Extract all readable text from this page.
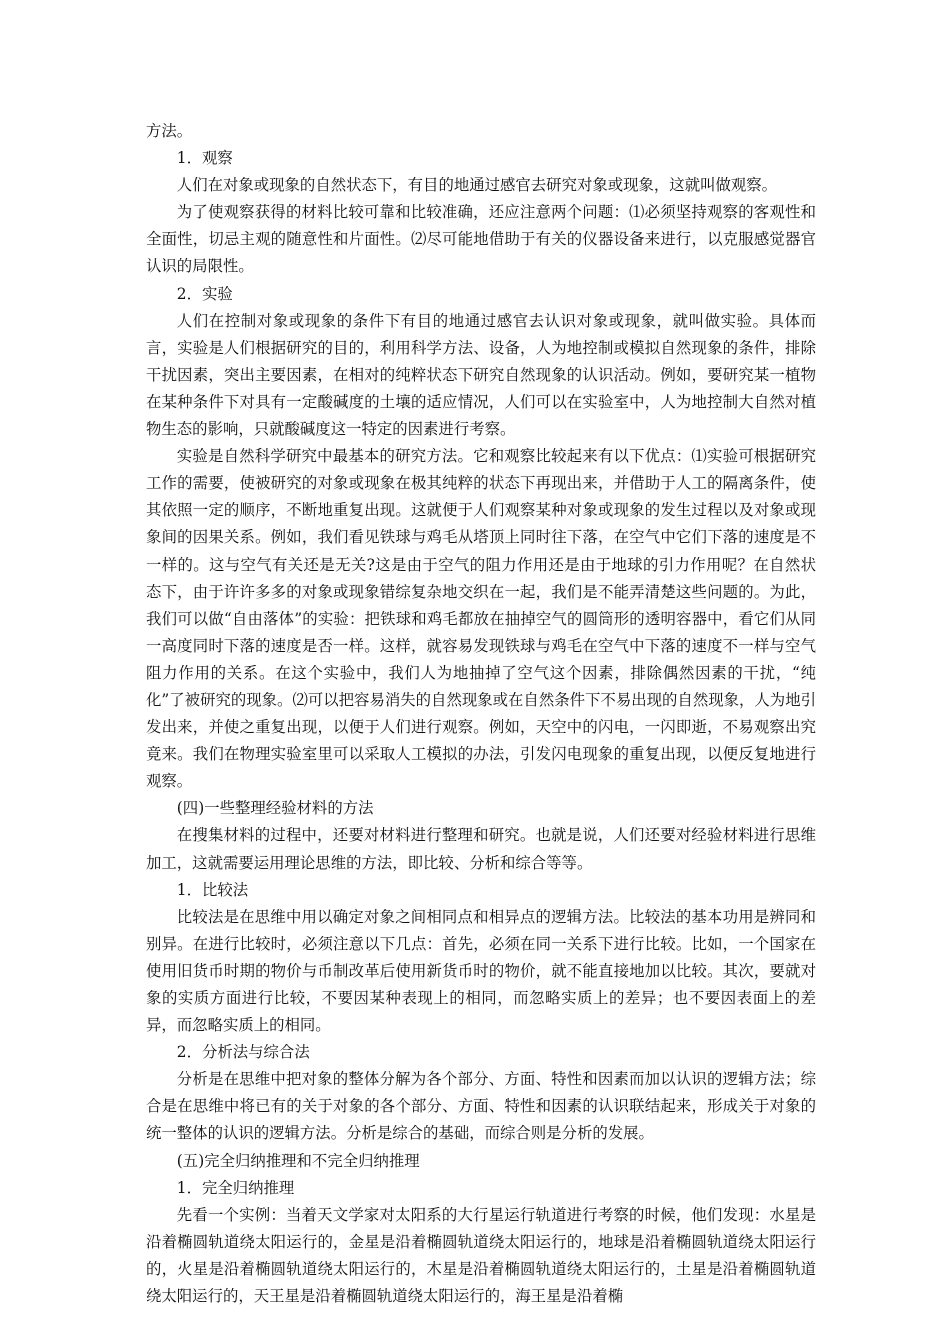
方法。

1．观察

人们在对象或现象的自然状态下，有目的地通过感官去研究对象或现象，这就叫做观察。

为了使观察获得的材料比较可靠和比较准确，还应注意两个问题：⑴必须坚持观察的客观性和全面性，切忌主观的随意性和片面性。⑵尽可能地借助于有关的仪器设备来进行，以克服感觉器官认识的局限性。

2．实验

人们在控制对象或现象的条件下有目的地通过感官去认识对象或现象，就叫做实验。具体而言，实验是人们根据研究的目的，利用科学方法、设备，人为地控制或模拟自然现象的条件，排除干扰因素，突出主要因素，在相对的纯粹状态下研究自然现象的认识活动。例如，要研究某一植物在某种条件下对具有一定酸碱度的土壤的适应情况，人们可以在实验室中，人为地控制大自然对植物生态的影响，只就酸碱度这一特定的因素进行考察。

实验是自然科学研究中最基本的研究方法。它和观察比较起来有以下优点：⑴实验可根据研究工作的需要，使被研究的对象或现象在极其纯粹的状态下再现出来，并借助于人工的隔离条件，使其依照一定的顺序，不断地重复出现。这就便于人们观察某种对象或现象的发生过程以及对象或现象间的因果关系。例如，我们看见铁球与鸡毛从塔顶上同时往下落，在空气中它们下落的速度是不一样的。这与空气有关还是无关?这是由于空气的阻力作用还是由于地球的引力作用呢？在自然状态下，由于许许多多的对象或现象错综复杂地交织在一起，我们是不能弄清楚这些问题的。为此，我们可以做“自由落体”的实验：把铁球和鸡毛都放在抽掉空气的圆筒形的透明容器中，看它们从同一高度同时下落的速度是否一样。这样，就容易发现铁球与鸡毛在空气中下落的速度不一样与空气阻力作用的关系。在这个实验中，我们人为地抽掉了空气这个因素，排除偶然因素的干扰，“纯化”了被研究的现象。⑵可以把容易消失的自然现象或在自然条件下不易出现的自然现象，人为地引发出来，并使之重复出现，以便于人们进行观察。例如，天空中的闪电，一闪即逝，不易观察出究竟来。我们在物理实验室里可以采取人工模拟的办法，引发闪电现象的重复出现，以便反复地进行观察。

(四)一些整理经验材料的方法

在搜集材料的过程中，还要对材料进行整理和研究。也就是说，人们还要对经验材料进行思维加工，这就需要运用理论思维的方法，即比较、分析和综合等等。

1．比较法

比较法是在思维中用以确定对象之间相同点和相异点的逻辑方法。比较法的基本功用是辨同和别异。在进行比较时，必须注意以下几点：首先，必须在同一关系下进行比较。比如，一个国家在使用旧货币时期的物价与币制改革后使用新货币时的物价，就不能直接地加以比较。其次，要就对象的实质方面进行比较，不要因某种表现上的相同，而忽略实质上的差异；也不要因表面上的差异，而忽略实质上的相同。

2．分析法与综合法

分析是在思维中把对象的整体分解为各个部分、方面、特性和因素而加以认识的逻辑方法；综合是在思维中将已有的关于对象的各个部分、方面、特性和因素的认识联结起来，形成关于对象的统一整体的认识的逻辑方法。分析是综合的基础，而综合则是分析的发展。

(五)完全归纳推理和不完全归纳推理

1．完全归纳推理

先看一个实例：当着天文学家对太阳系的大行星运行轨道进行考察的时候，他们发现：水星是沿着椭圆轨道绕太阳运行的，金星是沿着椭圆轨道绕太阳运行的，地球是沿着椭圆轨道绕太阳运行的，火星是沿着椭圆轨道绕太阳运行的，木星是沿着椭圆轨道绕太阳运行的，土星是沿着椭圆轨道绕太阳运行的，天王星是沿着椭圆轨道绕太阳运行的，海王星是沿着椭
